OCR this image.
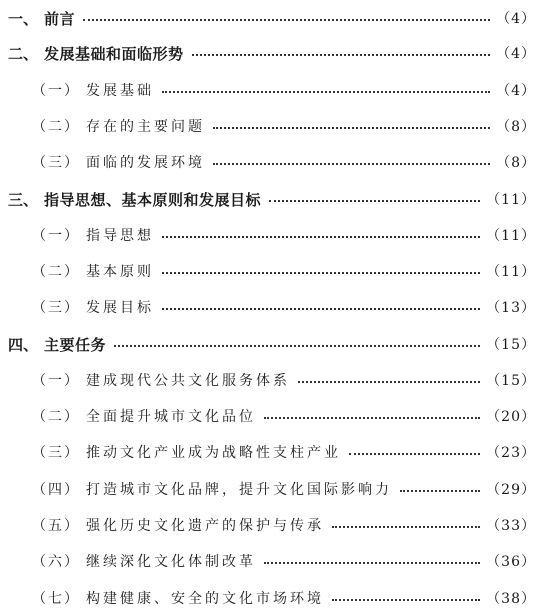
一、 前言	（4）
二、 发展基础和面临形势	（4）
（一） 发展基础	（4）
（二） 存在的主要问题	（8）
（三） 面临的发展环境	（8）
三、 指导思想、基本原则和发展目标	（11）
（一） 指导思想	（11）
（二） 基本原则	（11）
（三） 发展目标	（13）
四、 主要任务	（15）
（一） 建成现代公共文化服务体系	（15）
（二） 全面提升城市文化品位	（20）
（三） 推动文化产业成为战略性支柱产业	（23）
（四） 打造城市文化品牌，提升文化国际影响力	（29）
（五） 强化历史文化遗产的保护与传承	（33）
（六） 继续深化文化体制改革	（36）
（七） 构建健康、安全的文化市场环境	（38）
